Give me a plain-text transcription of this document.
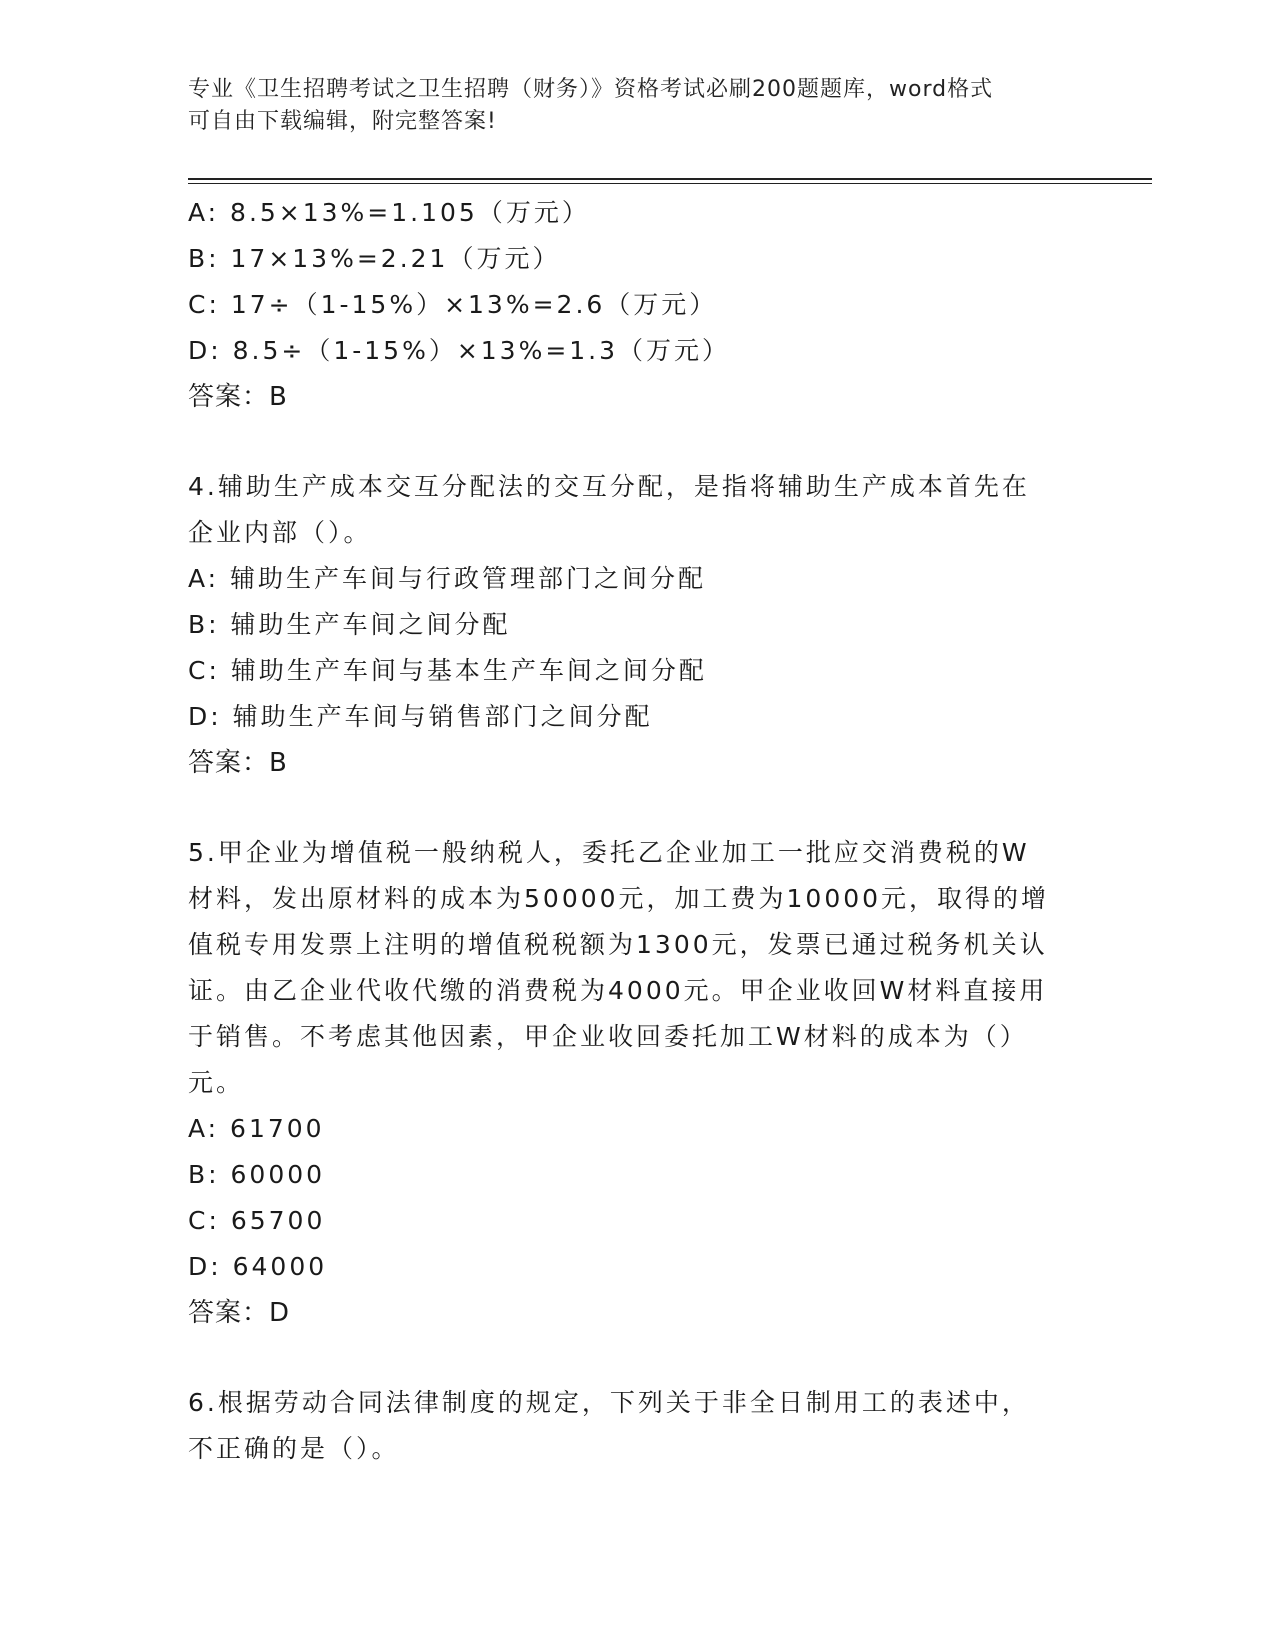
专业《卫生招聘考试之卫生招聘（财务）》资格考试必刷200题题库，word格式
可自由下载编辑，附完整答案!
A: 8.5×13%=1.105（万元）
B: 17×13%=2.21（万元）
C: 17÷（1-15%）×13%=2.6（万元）
D: 8.5÷（1-15%）×13%=1.3（万元）
答案：B
4.辅助生产成本交互分配法的交互分配，是指将辅助生产成本首先在
企业内部（）。
A: 辅助生产车间与行政管理部门之间分配
B: 辅助生产车间之间分配
C: 辅助生产车间与基本生产车间之间分配
D: 辅助生产车间与销售部门之间分配
答案：B
5.甲企业为增值税一般纳税人，委托乙企业加工一批应交消费税的W
材料，发出原材料的成本为50000元，加工费为10000元，取得的增
值税专用发票上注明的增值税税额为1300元，发票已通过税务机关认
证。由乙企业代收代缴的消费税为4000元。甲企业收回W材料直接用
于销售。不考虑其他因素，甲企业收回委托加工W材料的成本为（）
元。
A: 61700
B: 60000
C: 65700
D: 64000
答案：D
6.根据劳动合同法律制度的规定，下列关于非全日制用工的表述中，
不正确的是（）。
